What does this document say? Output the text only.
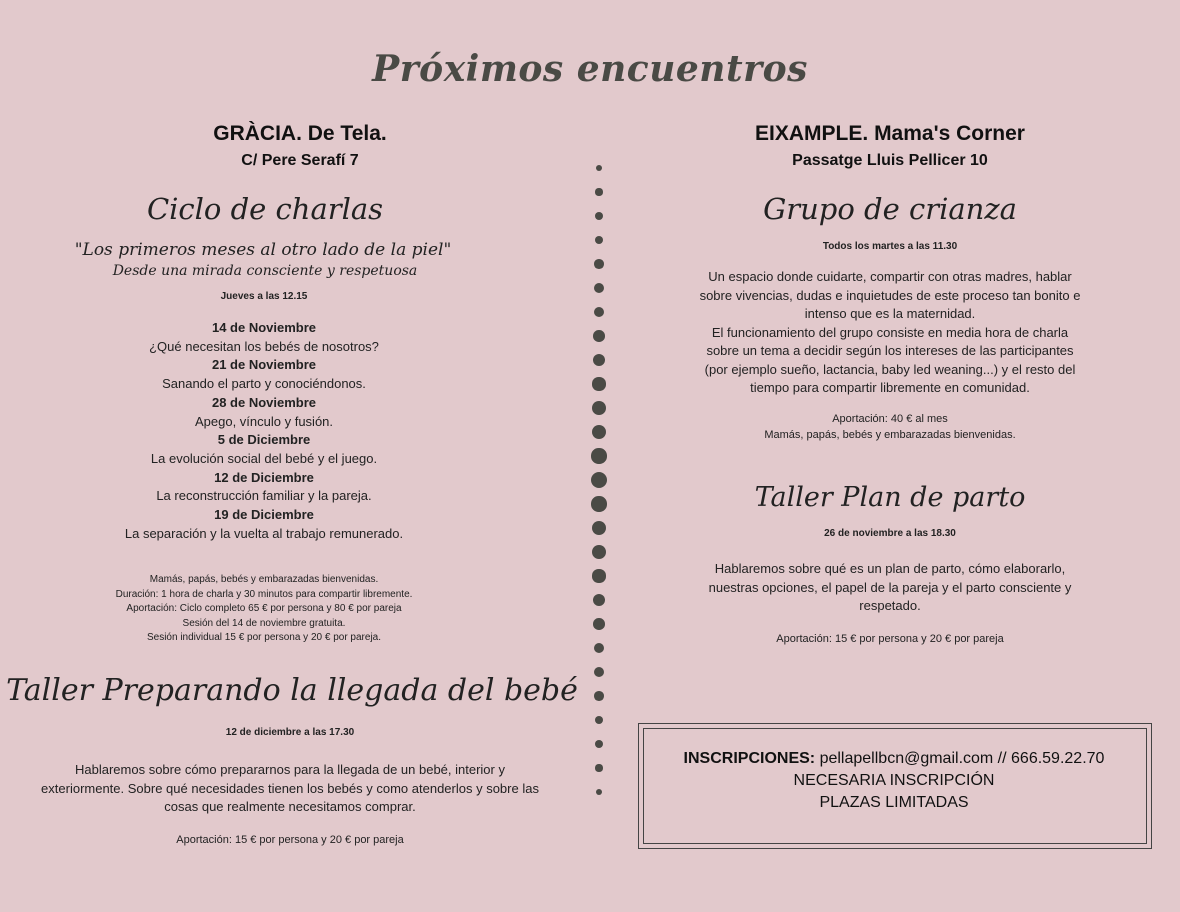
Próximos encuentros
GRÀCIA. De Tela.
C/ Pere Serafí 7
Ciclo de charlas
"Los primeros meses al otro lado de la piel"
Desde una mirada consciente y respetuosa
Jueves a las 12.15
14 de Noviembre
¿Qué necesitan los bebés de nosotros?
21 de Noviembre
Sanando el parto y conociéndonos.
28 de Noviembre
Apego, vínculo y fusión.
5 de Diciembre
La evolución social del bebé y el juego.
12 de Diciembre
La reconstrucción familiar y la pareja.
19 de Diciembre
La separación y la vuelta al trabajo remunerado.
Mamás, papás, bebés y embarazadas bienvenidas.
Duración: 1 hora de charla y 30 minutos para compartir libremente.
Aportación: Ciclo completo 65 € por persona y 80 € por pareja
Sesión del 14 de noviembre gratuita.
Sesión individual 15 € por persona y 20 € por pareja.
Taller Preparando la llegada del bebé
12 de diciembre a las 17.30
Hablaremos sobre cómo prepararnos para la llegada de un bebé, interior y
exteriormente. Sobre qué necesidades tienen los bebés y como atenderlos y sobre las
cosas que realmente necesitamos comprar.
Aportación: 15 € por persona y 20 € por pareja
EIXAMPLE. Mama's Corner
Passatge Lluis Pellicer 10
Grupo de crianza
Todos los martes a las 11.30
Un espacio donde cuidarte, compartir con otras madres, hablar
sobre vivencias, dudas e inquietudes de este proceso tan bonito e
intenso que es la maternidad.
El funcionamiento del grupo consiste en media hora de charla
sobre un tema a decidir según los intereses de las participantes
(por ejemplo sueño, lactancia, baby led weaning...) y el resto del
tiempo para compartir libremente en comunidad.
Aportación: 40 € al mes
Mamás, papás, bebés y embarazadas bienvenidas.
Taller Plan de parto
26 de noviembre a las 18.30
Hablaremos sobre qué es un plan de parto, cómo elaborarlo,
nuestras opciones, el papel de la pareja y el parto consciente y
respetado.
Aportación: 15 € por persona y 20 € por pareja
INSCRIPCIONES: pellapellbcn@gmail.com // 666.59.22.70
NECESARIA INSCRIPCIÓN
PLAZAS LIMITADAS
